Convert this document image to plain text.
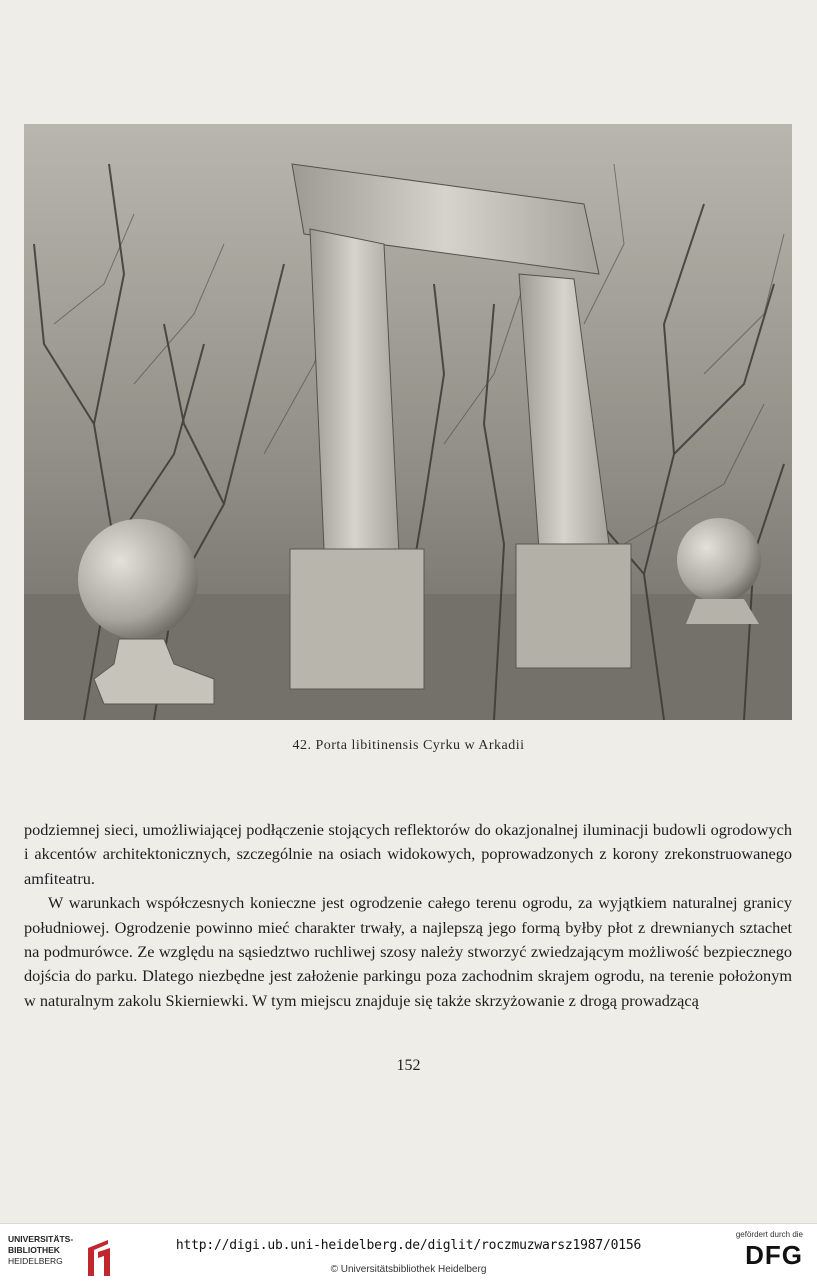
42. Porta libitinensis Cyrku w Arkadii

podziemnej sieci, umożliwiającej podłączenie stojących reflektorów do okazjonalnej iluminacji budowli ogrodowych i akcentów architektonicznych, szczególnie na osiach widokowych, poprowadzonych z korony zrekonstruowanego amfiteatru.

W warunkach współczesnych konieczne jest ogrodzenie całego terenu ogrodu, za wyjątkiem naturalnej granicy południowej. Ogrodzenie powinno mieć charakter trwały, a najlepszą jego formą byłby płot z drewnianych sztachet na podmurówce. Ze względu na sąsiedztwo ruchliwej szosy należy stworzyć zwiedzającym możliwość bezpiecznego dojścia do parku. Dlatego niezbędne jest założenie parkingu poza zachodnim skrajem ogrodu, na terenie położonym w naturalnym zakolu Skierniewki. W tym miejscu znajduje się także skrzyżowanie z drogą prowadzącą

152
UNIVERSITÄTS-
BIBLIOTHEK
HEIDELBERG
http://digi.ub.uni-heidelberg.de/diglit/roczmuzwarsz1987/0156
© Universitätsbibliothek Heidelberg
gefördert durch die
DFG
